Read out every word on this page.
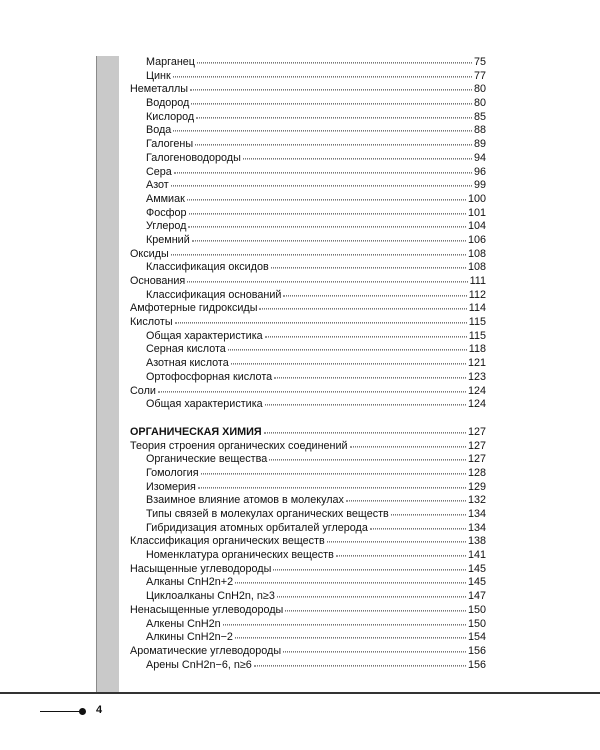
Марганец	75
Цинк	77
Неметаллы	80
Водород	80
Кислород	85
Вода	88
Галогены	89
Галогеноводороды	94
Сера	96
Азот	99
Аммиак	100
Фосфор	101
Углерод	104
Кремний	106
Оксиды	108
Классификация оксидов	108
Основания	111
Классификация оснований	112
Амфотерные гидроксиды	114
Кислоты	115
Общая характеристика	115
Серная кислота	118
Азотная кислота	121
Ортофосфорная кислота	123
Соли	124
Общая характеристика	124
ОРГАНИЧЕСКАЯ ХИМИЯ	127
Теория строения органических соединений	127
Органические вещества	127
Гомология	128
Изомерия	129
Взаимное влияние атомов в молекулах	132
Типы связей в молекулах органических веществ	134
Гибридизация атомных орбиталей углерода	134
Классификация органических веществ	138
Номенклатура органических веществ	141
Насыщенные углеводороды	145
Алканы CnH2n+2	145
Циклоалканы CnH2n, n≥3	147
Ненасыщенные углеводороды	150
Алкены CnH2n	150
Алкины CnH2n−2	154
Ароматические углеводороды	156
Арены CnH2n−6, n≥6	156
4
